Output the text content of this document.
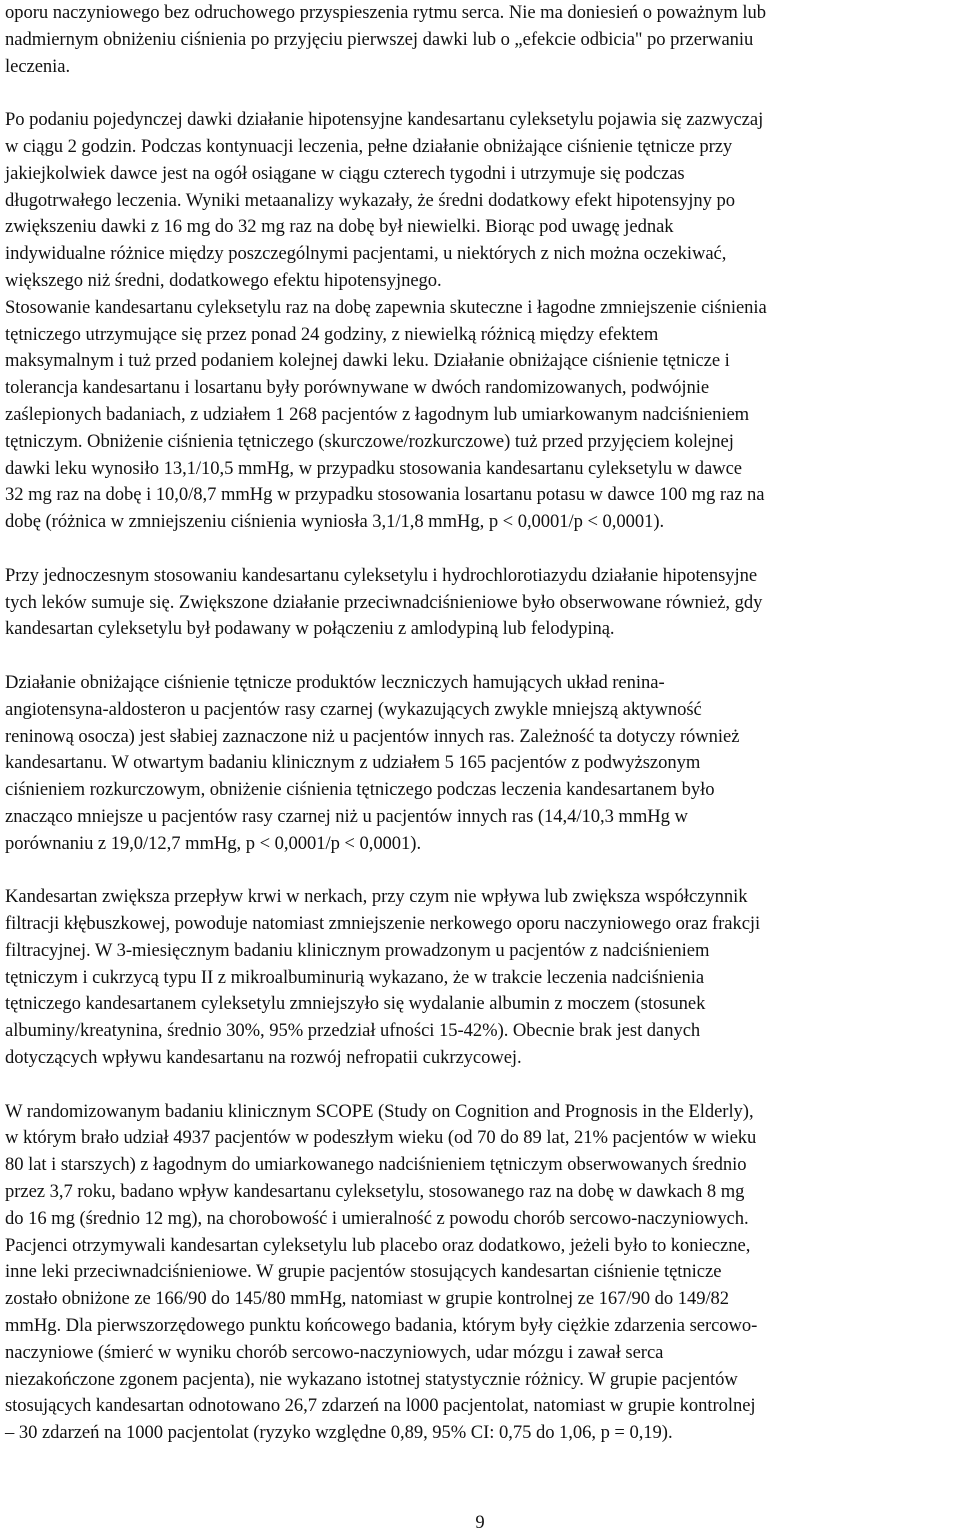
oporu naczyniowego bez odruchowego przyspieszenia rytmu serca. Nie ma doniesień o poważnym lub
nadmiernym obniżeniu ciśnienia po przyjęciu pierwszej dawki lub o „efekcie odbicia" po przerwaniu
leczenia.
Po podaniu pojedynczej dawki działanie hipotensyjne kandesartanu cyleksetylu pojawia się zazwyczaj
w ciągu 2 godzin. Podczas kontynuacji leczenia, pełne działanie obniżające ciśnienie tętnicze przy
jakiejkolwiek dawce jest na ogół osiągane w ciągu czterech tygodni i utrzymuje się podczas
długotrwałego leczenia. Wyniki metaanalizy wykazały, że średni dodatkowy efekt hipotensyjny po
zwiększeniu dawki z 16 mg do 32 mg raz na dobę był niewielki. Biorąc pod uwagę jednak
indywidualne różnice między poszczególnymi pacjentami, u niektórych z nich można oczekiwać,
większego niż średni, dodatkowego efektu hipotensyjnego.
Stosowanie kandesartanu cyleksetylu raz na dobę zapewnia skuteczne i łagodne zmniejszenie ciśnienia
tętniczego utrzymujące się przez ponad 24 godziny, z niewielką różnicą między efektem
maksymalnym i tuż przed podaniem kolejnej dawki leku. Działanie obniżające ciśnienie tętnicze i
tolerancja kandesartanu i losartanu były porównywane w dwóch randomizowanych, podwójnie
zaślepionych badaniach, z udziałem 1 268 pacjentów z łagodnym lub umiarkowanym nadciśnieniem
tętniczym. Obniżenie ciśnienia tętniczego (skurczowe/rozkurczowe) tuż przed przyjęciem kolejnej
dawki leku wynosiło 13,1/10,5 mmHg, w przypadku stosowania kandesartanu cyleksetylu w dawce
32 mg raz na dobę i 10,0/8,7 mmHg w przypadku stosowania losartanu potasu w dawce 100 mg raz na
dobę (różnica w zmniejszeniu ciśnienia wyniosła 3,1/1,8 mmHg, p < 0,0001/p < 0,0001).
Przy jednoczesnym stosowaniu kandesartanu cyleksetylu i hydrochlorotiazydu działanie hipotensyjne
tych leków sumuje się. Zwiększone działanie przeciwnadciśnieniowe było obserwowane również, gdy
kandesartan cyleksetylu był podawany w połączeniu z amlodypiną lub felodypiną.
Działanie obniżające ciśnienie tętnicze produktów leczniczych hamujących układ renina-
angiotensyna-aldosteron u pacjentów rasy czarnej (wykazujących zwykle mniejszą aktywność
reninową osocza) jest słabiej zaznaczone niż u pacjentów innych ras. Zależność ta dotyczy również
kandesartanu. W otwartym badaniu klinicznym z udziałem 5 165 pacjentów z podwyższonym
ciśnieniem rozkurczowym, obniżenie ciśnienia tętniczego podczas leczenia kandesartanem było
znacząco mniejsze u pacjentów rasy czarnej niż u pacjentów innych ras (14,4/10,3 mmHg w
porównaniu z 19,0/12,7 mmHg, p < 0,0001/p < 0,0001).
Kandesartan zwiększa przepływ krwi w nerkach, przy czym nie wpływa lub zwiększa współczynnik
filtracji kłębuszkowej, powoduje natomiast zmniejszenie nerkowego oporu naczyniowego oraz frakcji
filtracyjnej. W 3-miesięcznym badaniu klinicznym prowadzonym u pacjentów z nadciśnieniem
tętniczym i cukrzycą typu II z mikroalbuminurią wykazano, że w trakcie leczenia nadciśnienia
tętniczego kandesartanem cyleksetylu zmniejszyło się wydalanie albumin z moczem (stosunek
albuminy/kreatynina, średnio 30%, 95% przedział ufności 15-42%). Obecnie brak jest danych
dotyczących wpływu kandesartanu na rozwój nefropatii cukrzycowej.
W randomizowanym badaniu klinicznym SCOPE (Study on Cognition and Prognosis in the Elderly),
w którym brało udział 4937 pacjentów w podeszłym wieku (od 70 do 89 lat, 21% pacjentów w wieku
80 lat i starszych) z łagodnym do umiarkowanego nadciśnieniem tętniczym obserwowanych średnio
przez 3,7 roku, badano wpływ kandesartanu cyleksetylu, stosowanego raz na dobę w dawkach 8 mg
do 16 mg (średnio 12 mg), na chorobowość i umieralność z powodu chorób sercowo-naczyniowych.
Pacjenci otrzymywali kandesartan cyleksetylu lub placebo oraz dodatkowo, jeżeli było to konieczne,
inne leki przeciwnadciśnieniowe. W grupie pacjentów stosujących kandesartan ciśnienie tętnicze
zostało obniżone ze 166/90 do 145/80 mmHg, natomiast w grupie kontrolnej ze 167/90 do 149/82
mmHg. Dla pierwszorzędowego punktu końcowego badania, którym były ciężkie zdarzenia sercowo-
naczyniowe (śmierć w wyniku chorób sercowo-naczyniowych, udar mózgu i zawał serca
niezakończone zgonem pacjenta), nie wykazano istotnej statystycznie różnicy. W grupie pacjentów
stosujących kandesartan odnotowano 26,7 zdarzeń na l000 pacjentolat, natomiast w grupie kontrolnej
– 30 zdarzeń na 1000 pacjentolat (ryzyko względne 0,89, 95% CI: 0,75 do 1,06, p = 0,19).
9
